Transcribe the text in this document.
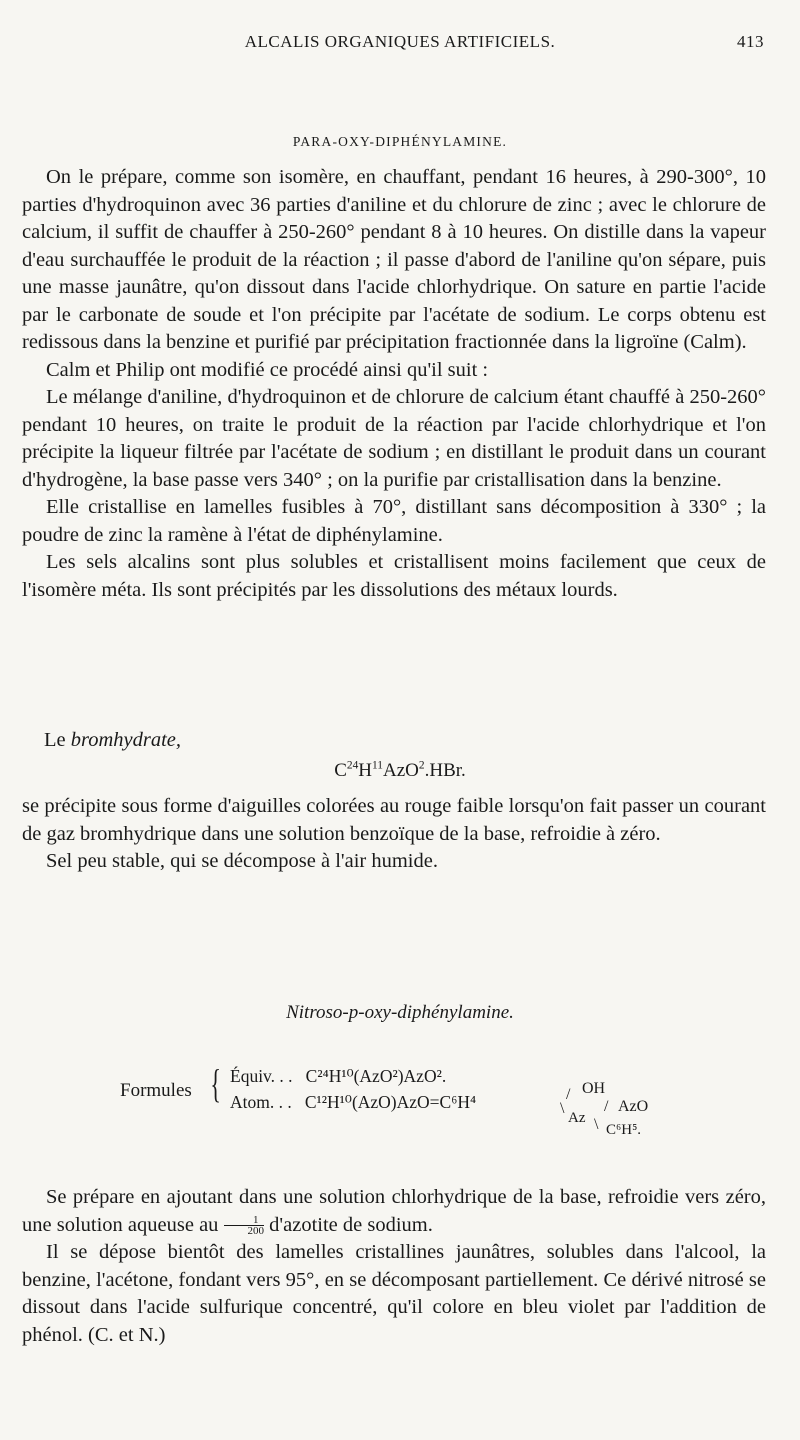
ALCALIS ORGANIQUES ARTIFICIELS.	413
PARA-OXY-DIPHÉNYLAMINE.

On le prépare, comme son isomère, en chauffant, pendant 16 heures, à 290-300°, 10 parties d'hydroquinon avec 36 parties d'aniline et du chlorure de zinc ; avec le chlorure de calcium, il suffit de chauffer à 250-260° pendant 8 à 10 heures. On distille dans la vapeur d'eau surchauffée le produit de la réaction ; il passe d'abord de l'aniline qu'on sépare, puis une masse jaunâtre, qu'on dissout dans l'acide chlorhydrique. On sature en partie l'acide par le carbonate de soude et l'on précipite par l'acétate de sodium. Le corps obtenu est redissous dans la benzine et purifié par précipitation fractionnée dans la ligroïne (Calm).

Calm et Philip ont modifié ce procédé ainsi qu'il suit :

Le mélange d'aniline, d'hydroquinon et de chlorure de calcium étant chauffé à 250-260° pendant 10 heures, on traite le produit de la réaction par l'acide chlorhydrique et l'on précipite la liqueur filtrée par l'acétate de sodium ; en distillant le produit dans un courant d'hydrogène, la base passe vers 340° ; on la purifie par cristallisation dans la benzine.

Elle cristallise en lamelles fusibles à 70°, distillant sans décomposition à 330° ; la poudre de zinc la ramène à l'état de diphénylamine.

Les sels alcalins sont plus solubles et cristallisent moins facilement que ceux de l'isomère méta. Ils sont précipités par les dissolutions des métaux lourds.

Le bromhydrate,
$C^{24}H^{11}AzO^2.HBr$.

se précipite sous forme d'aiguilles colorées au rouge faible lorsqu'on fait passer un courant de gaz bromhydrique dans une solution benzoïque de la base, refroidie à zéro.

Sel peu stable, qui se décompose à l'air humide.

Nitroso-p-oxy-diphénylamine.
Formules { Équiv. . . C²⁴H¹⁰(AzO²)AzO².
Atom. . . C¹²H¹⁰(AzO)AzO=C⁶H⁴	/ OH
\
Az
/ AzO
\ C⁶H⁵.

Se prépare en ajoutant dans une solution chlorhydrique de la base, refroidie vers zéro, une solution aqueuse au $\frac{1}{200}$ d'azotite de sodium.

Il se dépose bientôt des lamelles cristallines jaunâtres, solubles dans l'alcool, la benzine, l'acétone, fondant vers 95°, en se décomposant partiellement. Ce dérivé nitrosé se dissout dans l'acide sulfurique concentré, qu'il colore en bleu violet par l'addition de phénol. (C. et N.)
